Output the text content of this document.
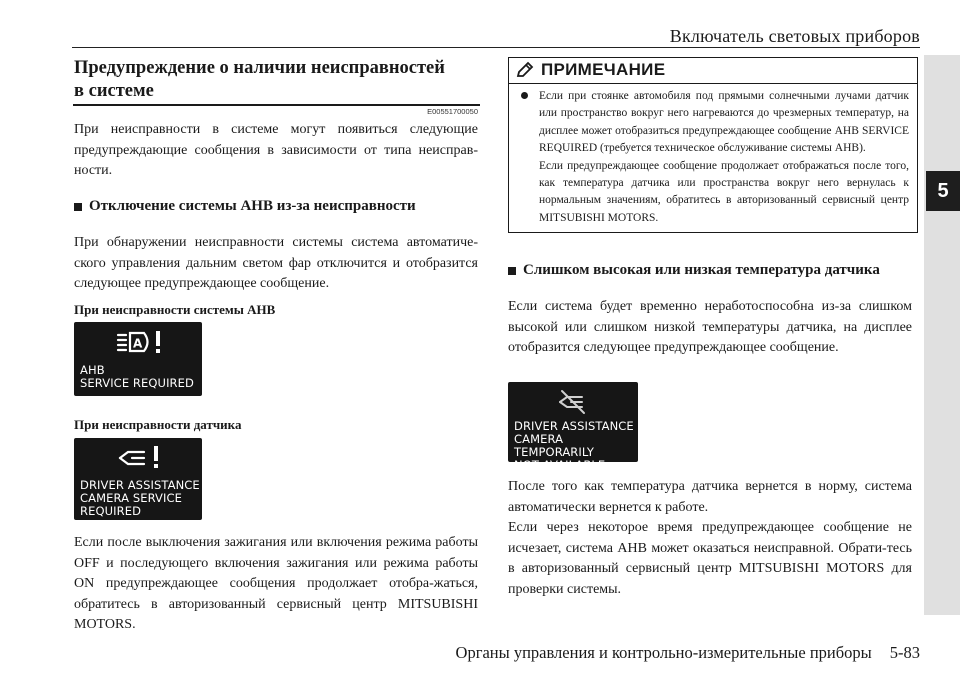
Включатель световых приборов
5
Предупреждение о наличии неисправностей в системе
E00551700050
При неисправности в системе могут появиться следующие предупреждающие сообщения в зависимости от типа неисправ-ности.
Отключение системы AHB из-за неисправности
При обнаружении неисправности системы система автоматиче-ского управления дальним светом фар отключится и отобразится следующее предупреждающее сообщение.
При неисправности системы AHB
A
AHB
SERVICE REQUIRED
При неисправности датчика
DRIVER ASSISTANCE
CAMERA SERVICE
REQUIRED
Если после выключения зажигания или включения режима работы OFF и последующего включения зажигания или режима работы ON предупреждающее сообщения продолжает отобра-жаться, обратитесь в авторизованный сервисный центр MITSUBISHI MOTORS.
ПРИМЕЧАНИЕ
Если при стоянке автомобиля под прямыми солнечными лучами датчик или пространство вокруг него нагреваются до чрезмерных температур, на дисплее может отобразиться предупреждающее сообщение AHB SERVICE REQUIRED (требуется техническое обслуживание системы AHB).
Если предупреждающее сообщение продолжает отображаться после того, как температура датчика или пространства вокруг него вернулась к нормальным значениям, обратитесь в авторизованный сервисный центр MITSUBISHI MOTORS.
Слишком высокая или низкая температура датчика
Если система будет временно неработоспособна из-за слишком высокой или слишком низкой температуры датчика, на дисплее отобразится следующее предупреждающее сообщение.
DRIVER ASSISTANCE
CAMERA TEMPORARILY
NOT AVAILABLE
После того как температура датчика вернется в норму, система автоматически вернется к работе.
Если через некоторое время предупреждающее сообщение не исчезает, система AHB может оказаться неисправной. Обрати-тесь в авторизованный сервисный центр MITSUBISHI MOTORS для проверки системы.
Органы управления и контрольно-измерительные приборы 5-83
